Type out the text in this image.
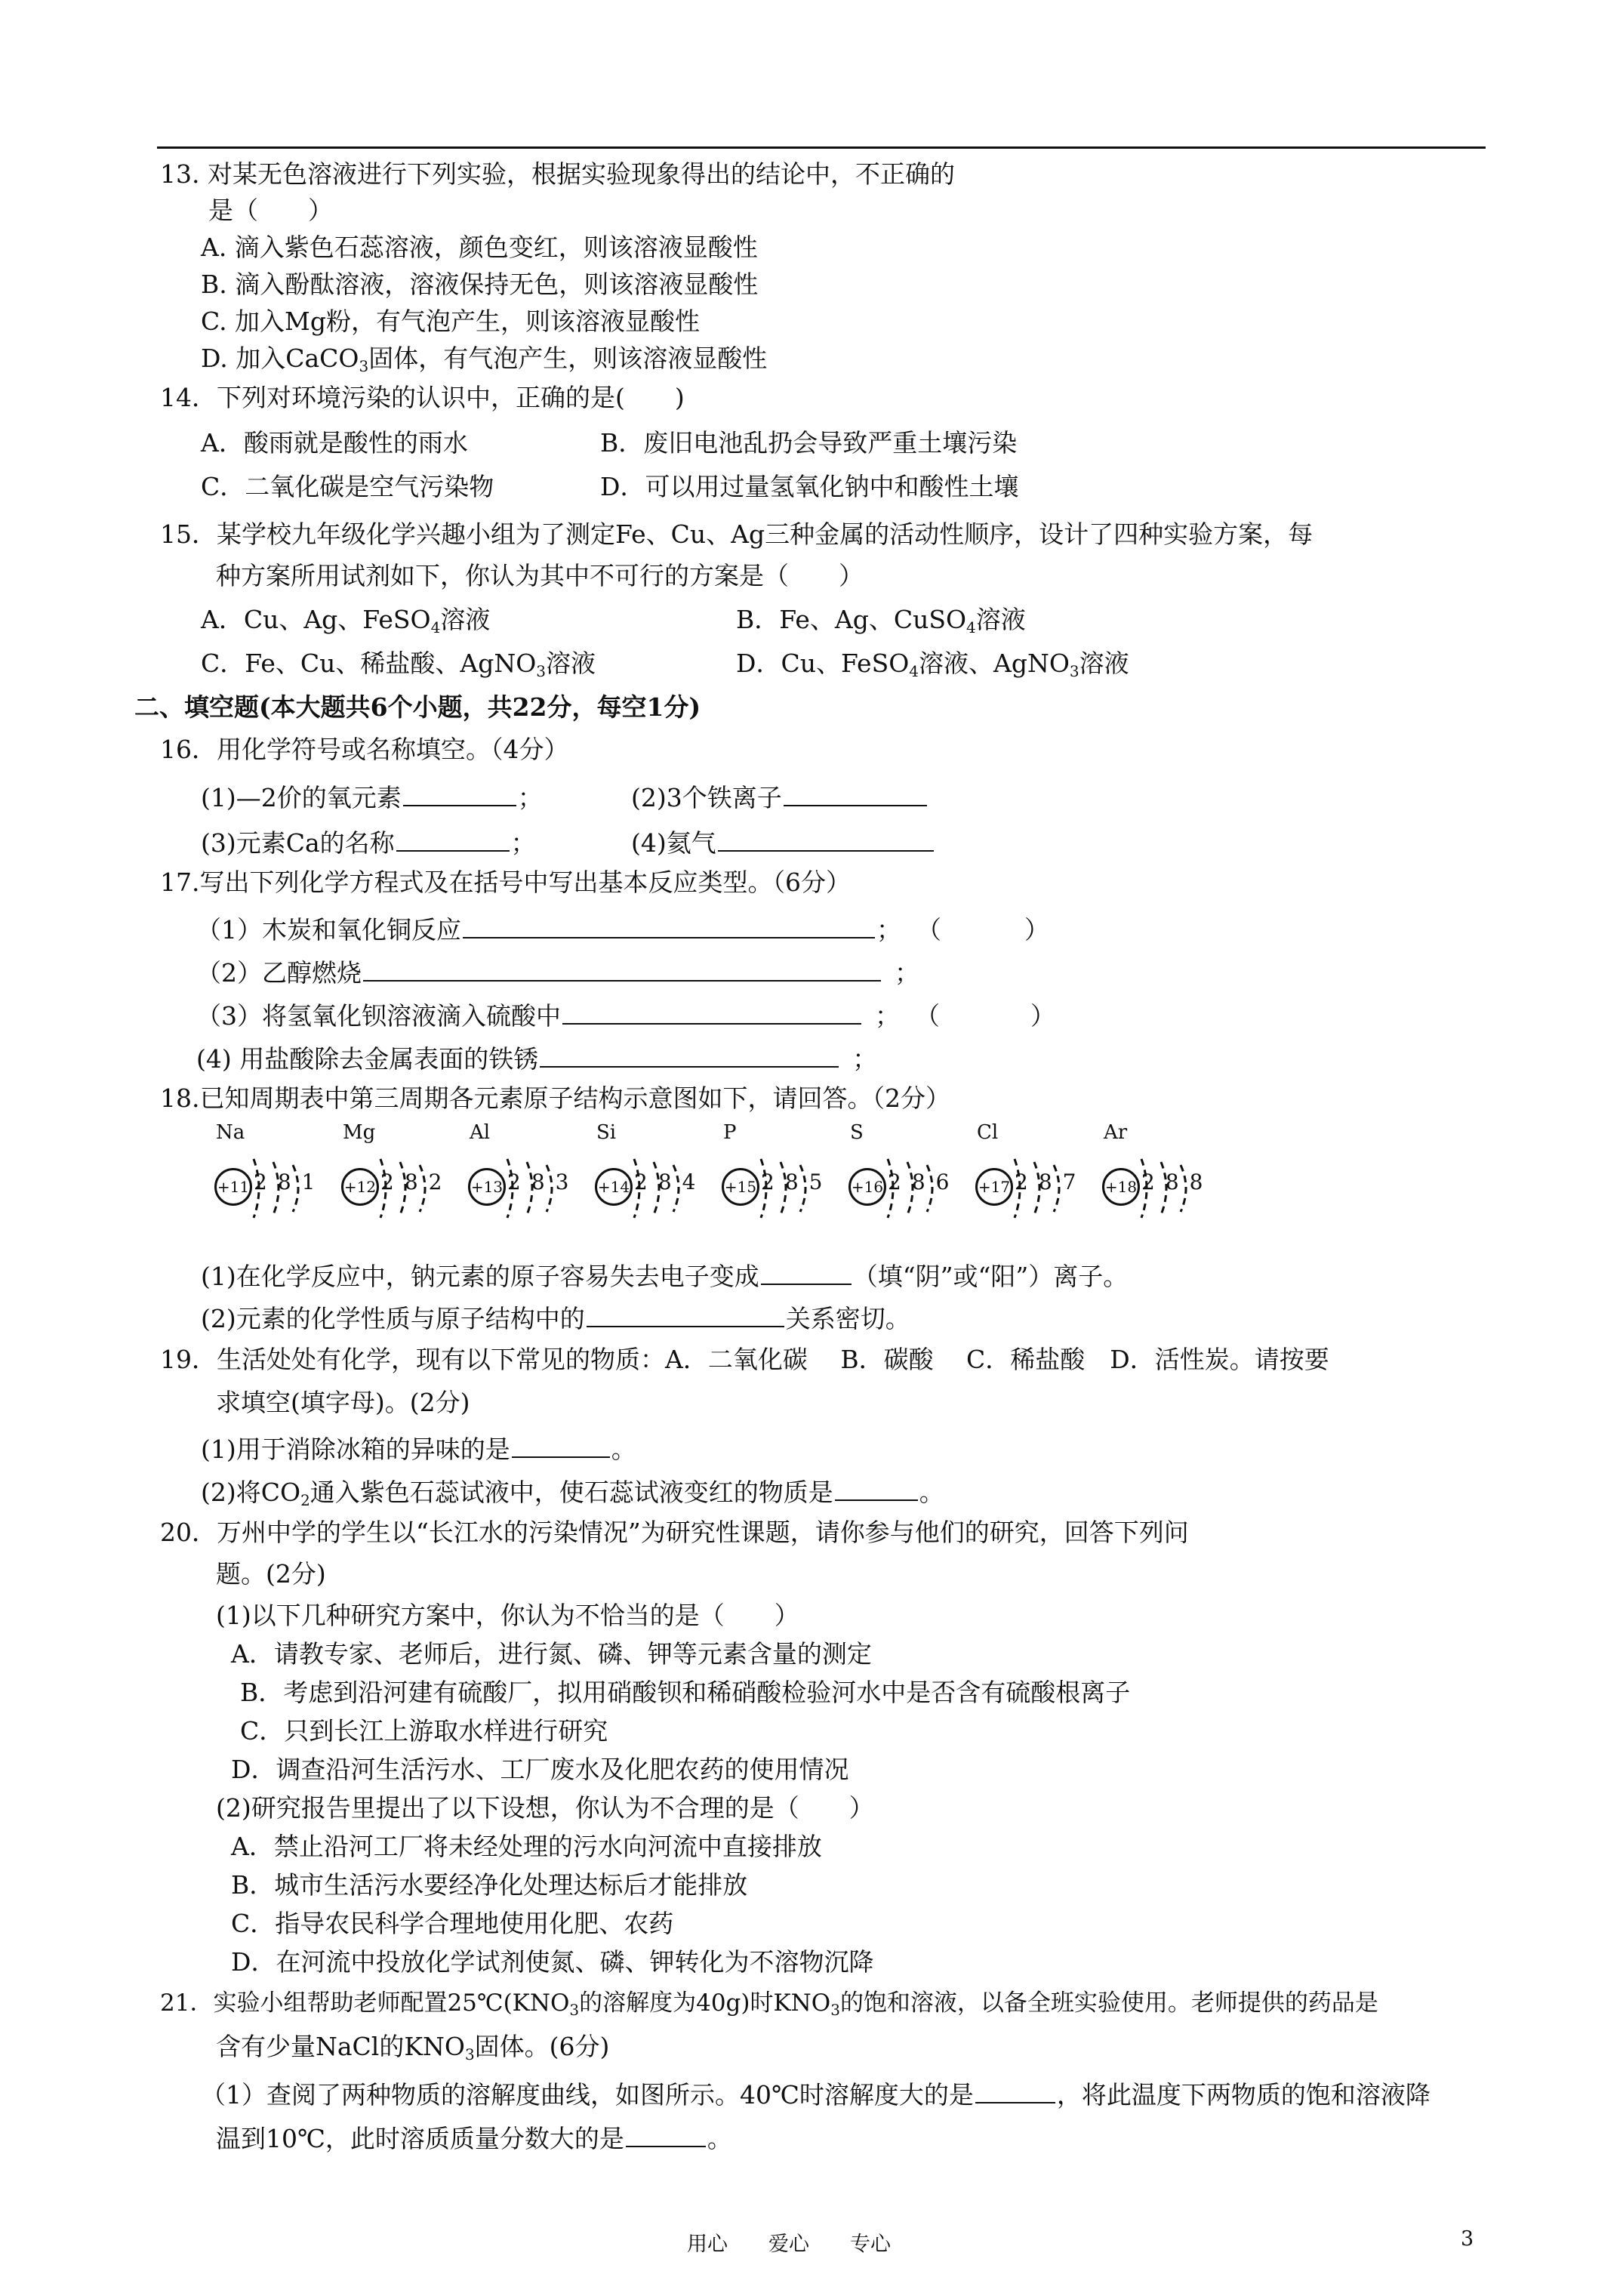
13. 对某无色溶液进行下列实验，根据实验现象得出的结论中，不正确的
是（　　）
A. 滴入紫色石蕊溶液，颜色变红，则该溶液显酸性
B. 滴入酚酞溶液，溶液保持无色，则该溶液显酸性
C. 加入Mg粉，有气泡产生，则该溶液显酸性
D. 加入CaCO$_3$固体，有气泡产生，则该溶液显酸性
14．下列对环境污染的认识中，正确的是(　　)
A．酸雨就是酸性的雨水	B．废旧电池乱扔会导致严重土壤污染
C．二氧化碳是空气污染物	D．可以用过量氢氧化钠中和酸性土壤
15．某学校九年级化学兴趣小组为了测定Fe、Cu、Ag三种金属的活动性顺序，设计了四种实验方案，每
种方案所用试剂如下，你认为其中不可行的方案是（　　）
A．Cu、Ag、FeSO$_4$溶液	B．Fe、Ag、CuSO$_4$溶液
C．Fe、Cu、稀盐酸、AgNO$_3$溶液	D．Cu、FeSO$_4$溶液、AgNO$_3$溶液
二、填空题(本大题共6个小题，共22分，每空1分)
16．用化学符号或名称填空。（4分）
(1)—2价的氧元素	；	(2)3个铁离子
(3)元素Ca的名称	；	(4)氦气
17.写出下列化学方程式及在括号中写出基本反应类型。（6分）
（1）木炭和氧化铜反应	； （	）
（2）乙醇燃烧	；
（3）将氢氧化钡溶液滴入硫酸中	； （	）
(4) 用盐酸除去金属表面的铁锈	；
18.已知周期表中第三周期各元素原子结构示意图如下，请回答。（2分）
Na
+11 281
Mg
+12 282
Al
+13 283
Si
+14 284
P
+15 285
S
+16 286
Cl
+17 287
Ar
+18 288
(1)在化学反应中，钠元素的原子容易失去电子变成	（填“阴”或“阳”）离子。
(2)元素的化学性质与原子结构中的	关系密切。
19．生活处处有化学，现有以下常见的物质：A．二氧化碳　 B．碳酸　 C．稀盐酸　D．活性炭。请按要
求填空(填字母)。(2分)
(1)用于消除冰箱的异味的是	。
(2)将$CO_2$通入紫色石蕊试液中，使石蕊试液变红的物质是	。
20．万州中学的学生以“长江水的污染情况”为研究性课题，请你参与他们的研究，回答下列问
题。(2分)
(1)以下几种研究方案中，你认为不恰当的是（　　）
A．请教专家、老师后，进行氮、磷、钾等元素含量的测定
B．考虑到沿河建有硫酸厂，拟用硝酸钡和稀硝酸检验河水中是否含有硫酸根离子
C．只到长江上游取水样进行研究
D．调查沿河生活污水、工厂废水及化肥农药的使用情况
(2)研究报告里提出了以下设想，你认为不合理的是（　　）
A．禁止沿河工厂将未经处理的污水向河流中直接排放
B．城市生活污水要经净化处理达标后才能排放
C．指导农民科学合理地使用化肥、农药
D．在河流中投放化学试剂使氮、磷、钾转化为不溶物沉降
21．实验小组帮助老师配置$25℃(KNO_3$的溶解度为40g)时$KNO_3$的饱和溶液，以备全班实验使用。老师提供的药品是
含有少量NaCl的$KNO_3$固体。(6分)
（1）查阅了两种物质的溶解度曲线，如图所示。40℃时溶解度大的是	，将此温度下两物质的饱和溶液降
温到10℃，此时溶质质量分数大的是	。
用心　　爱心　　专心	3
